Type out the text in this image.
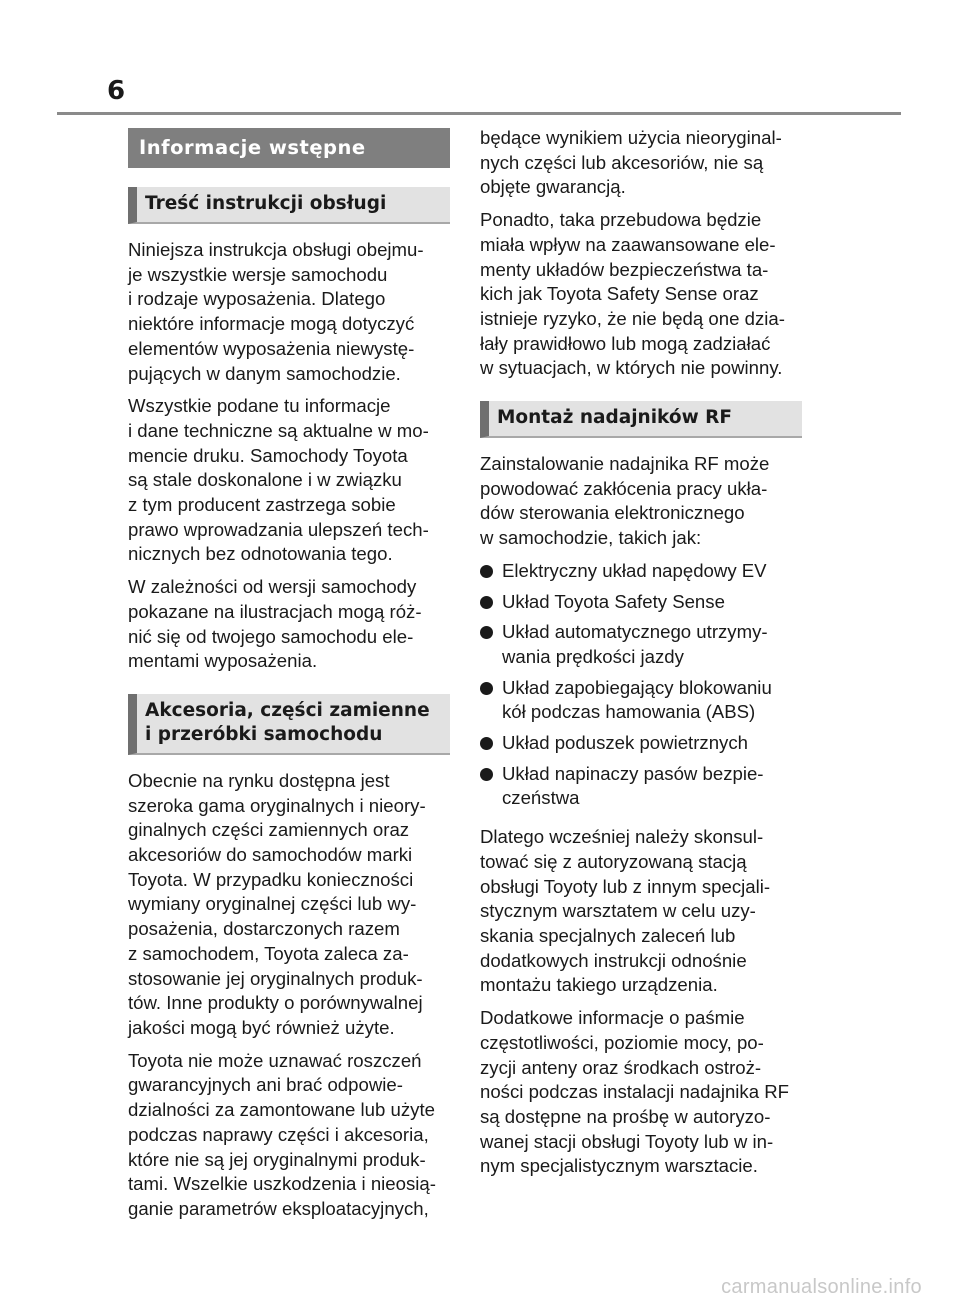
6
Informacje wstępne
Treść instrukcji obsługi

Niniejsza instrukcja obsługi obejmu-
je wszystkie wersje samochodu
i rodzaje wyposażenia. Dlatego
niektóre informacje mogą dotyczyć
elementów wyposażenia niewystę-
pujących w danym samochodzie.

Wszystkie podane tu informacje
i dane techniczne są aktualne w mo-
mencie druku. Samochody Toyota
są stale doskonalone i w związku
z tym producent zastrzega sobie
prawo wprowadzania ulepszeń tech-
nicznych bez odnotowania tego.

W zależności od wersji samochody
pokazane na ilustracjach mogą róż-
nić się od twojego samochodu ele-
mentami wyposażenia.

Akcesoria, części zamienne
i przeróbki samochodu

Obecnie na rynku dostępna jest
szeroka gama oryginalnych i nieory-
ginalnych części zamiennych oraz
akcesoriów do samochodów marki
Toyota. W przypadku konieczności
wymiany oryginalnej części lub wy-
posażenia, dostarczonych razem
z samochodem, Toyota zaleca za-
stosowanie jej oryginalnych produk-
tów. Inne produkty o porównywalnej
jakości mogą być również użyte.

Toyota nie może uznawać roszczeń
gwarancyjnych ani brać odpowie-
dzialności za zamontowane lub użyte
podczas naprawy części i akcesoria,
które nie są jej oryginalnymi produk-
tami. Wszelkie uszkodzenia i nieosią-
ganie parametrów eksploatacyjnych,

będące wynikiem użycia nieoryginal-
nych części lub akcesoriów, nie są
objęte gwarancją.

Ponadto, taka przebudowa będzie
miała wpływ na zaawansowane ele-
menty układów bezpieczeństwa ta-
kich jak Toyota Safety Sense oraz
istnieje ryzyko, że nie będą one dzia-
łały prawidłowo lub mogą zadziałać
w sytuacjach, w których nie powinny.

Montaż nadajników RF

Zainstalowanie nadajnika RF może
powodować zakłócenia pracy ukła-
dów sterowania elektronicznego
w samochodzie, takich jak:

Elektryczny układ napędowy EV

Układ Toyota Safety Sense

Układ automatycznego utrzymy-
wania prędkości jazdy

Układ zapobiegający blokowaniu
kół podczas hamowania (ABS)

Układ poduszek powietrznych

Układ napinaczy pasów bezpie-
czeństwa

Dlatego wcześniej należy skonsul-
tować się z autoryzowaną stacją
obsługi Toyoty lub z innym specjali-
stycznym warsztatem w celu uzy-
skania specjalnych zaleceń lub
dodatkowych instrukcji odnośnie
montażu takiego urządzenia.

Dodatkowe informacje o paśmie
częstotliwości, poziomie mocy, po-
zycji anteny oraz środkach ostroż-
ności podczas instalacji nadajnika RF
są dostępne na prośbę w autoryzo-
wanej stacji obsługi Toyoty lub w in-
nym specjalistycznym warsztacie.

carmanualsonline.info
